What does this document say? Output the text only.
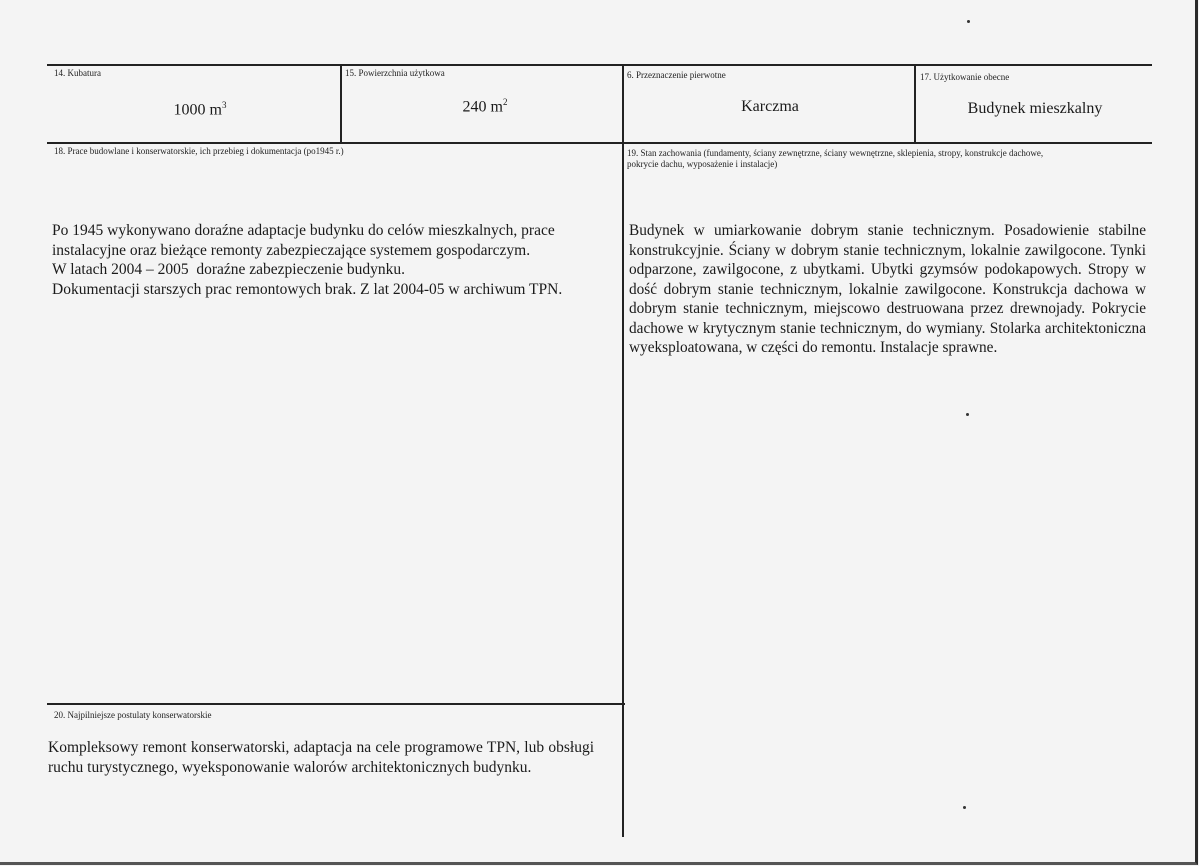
14. Kubatura
1000 $m^3$
15. Powierzchnia użytkowa
240 $m^2$
6. Przeznaczenie pierwotne
Karczma
17. Użytkowanie obecne
Budynek mieszkalny
18. Prace budowlane i konserwatorskie, ich przebieg i dokumentacja (po1945 r.)
Po 1945 wykonywano doraźne adaptacje budynku do celów mieszkalnych, prace
instalacyjne oraz bieżące remonty zabezpieczające systemem gospodarczym.
W latach 2004 – 2005  doraźne zabezpieczenie budynku.
Dokumentacji starszych prac remontowych brak. Z lat 2004-05 w archiwum TPN.
19. Stan zachowania (fundamenty, ściany zewnętrzne, ściany wewnętrzne, sklepienia, stropy, konstrukcje dachowe,
pokrycie dachu, wyposażenie i instalacje)
Budynek w umiarkowanie dobrym stanie technicznym. Posadowienie stabilne konstrukcyjnie. Ściany w dobrym stanie technicznym, lokalnie zawilgocone. Tynki odparzone, zawilgocone, z ubytkami. Ubytki gzymsów podokapowych. Stropy w dość dobrym stanie technicznym, lokalnie zawilgocone. Konstrukcja dachowa w dobrym stanie technicznym, miejscowo destruowana przez drewnojady. Pokrycie dachowe w krytycznym stanie technicznym, do wymiany. Stolarka architektoniczna wyeksploatowana, w części do remontu. Instalacje sprawne.
20. Najpilniejsze postulaty konserwatorskie
Kompleksowy remont konserwatorski, adaptacja na cele programowe TPN, lub obsługi ruchu turystycznego, wyeksponowanie walorów architektonicznych budynku.
